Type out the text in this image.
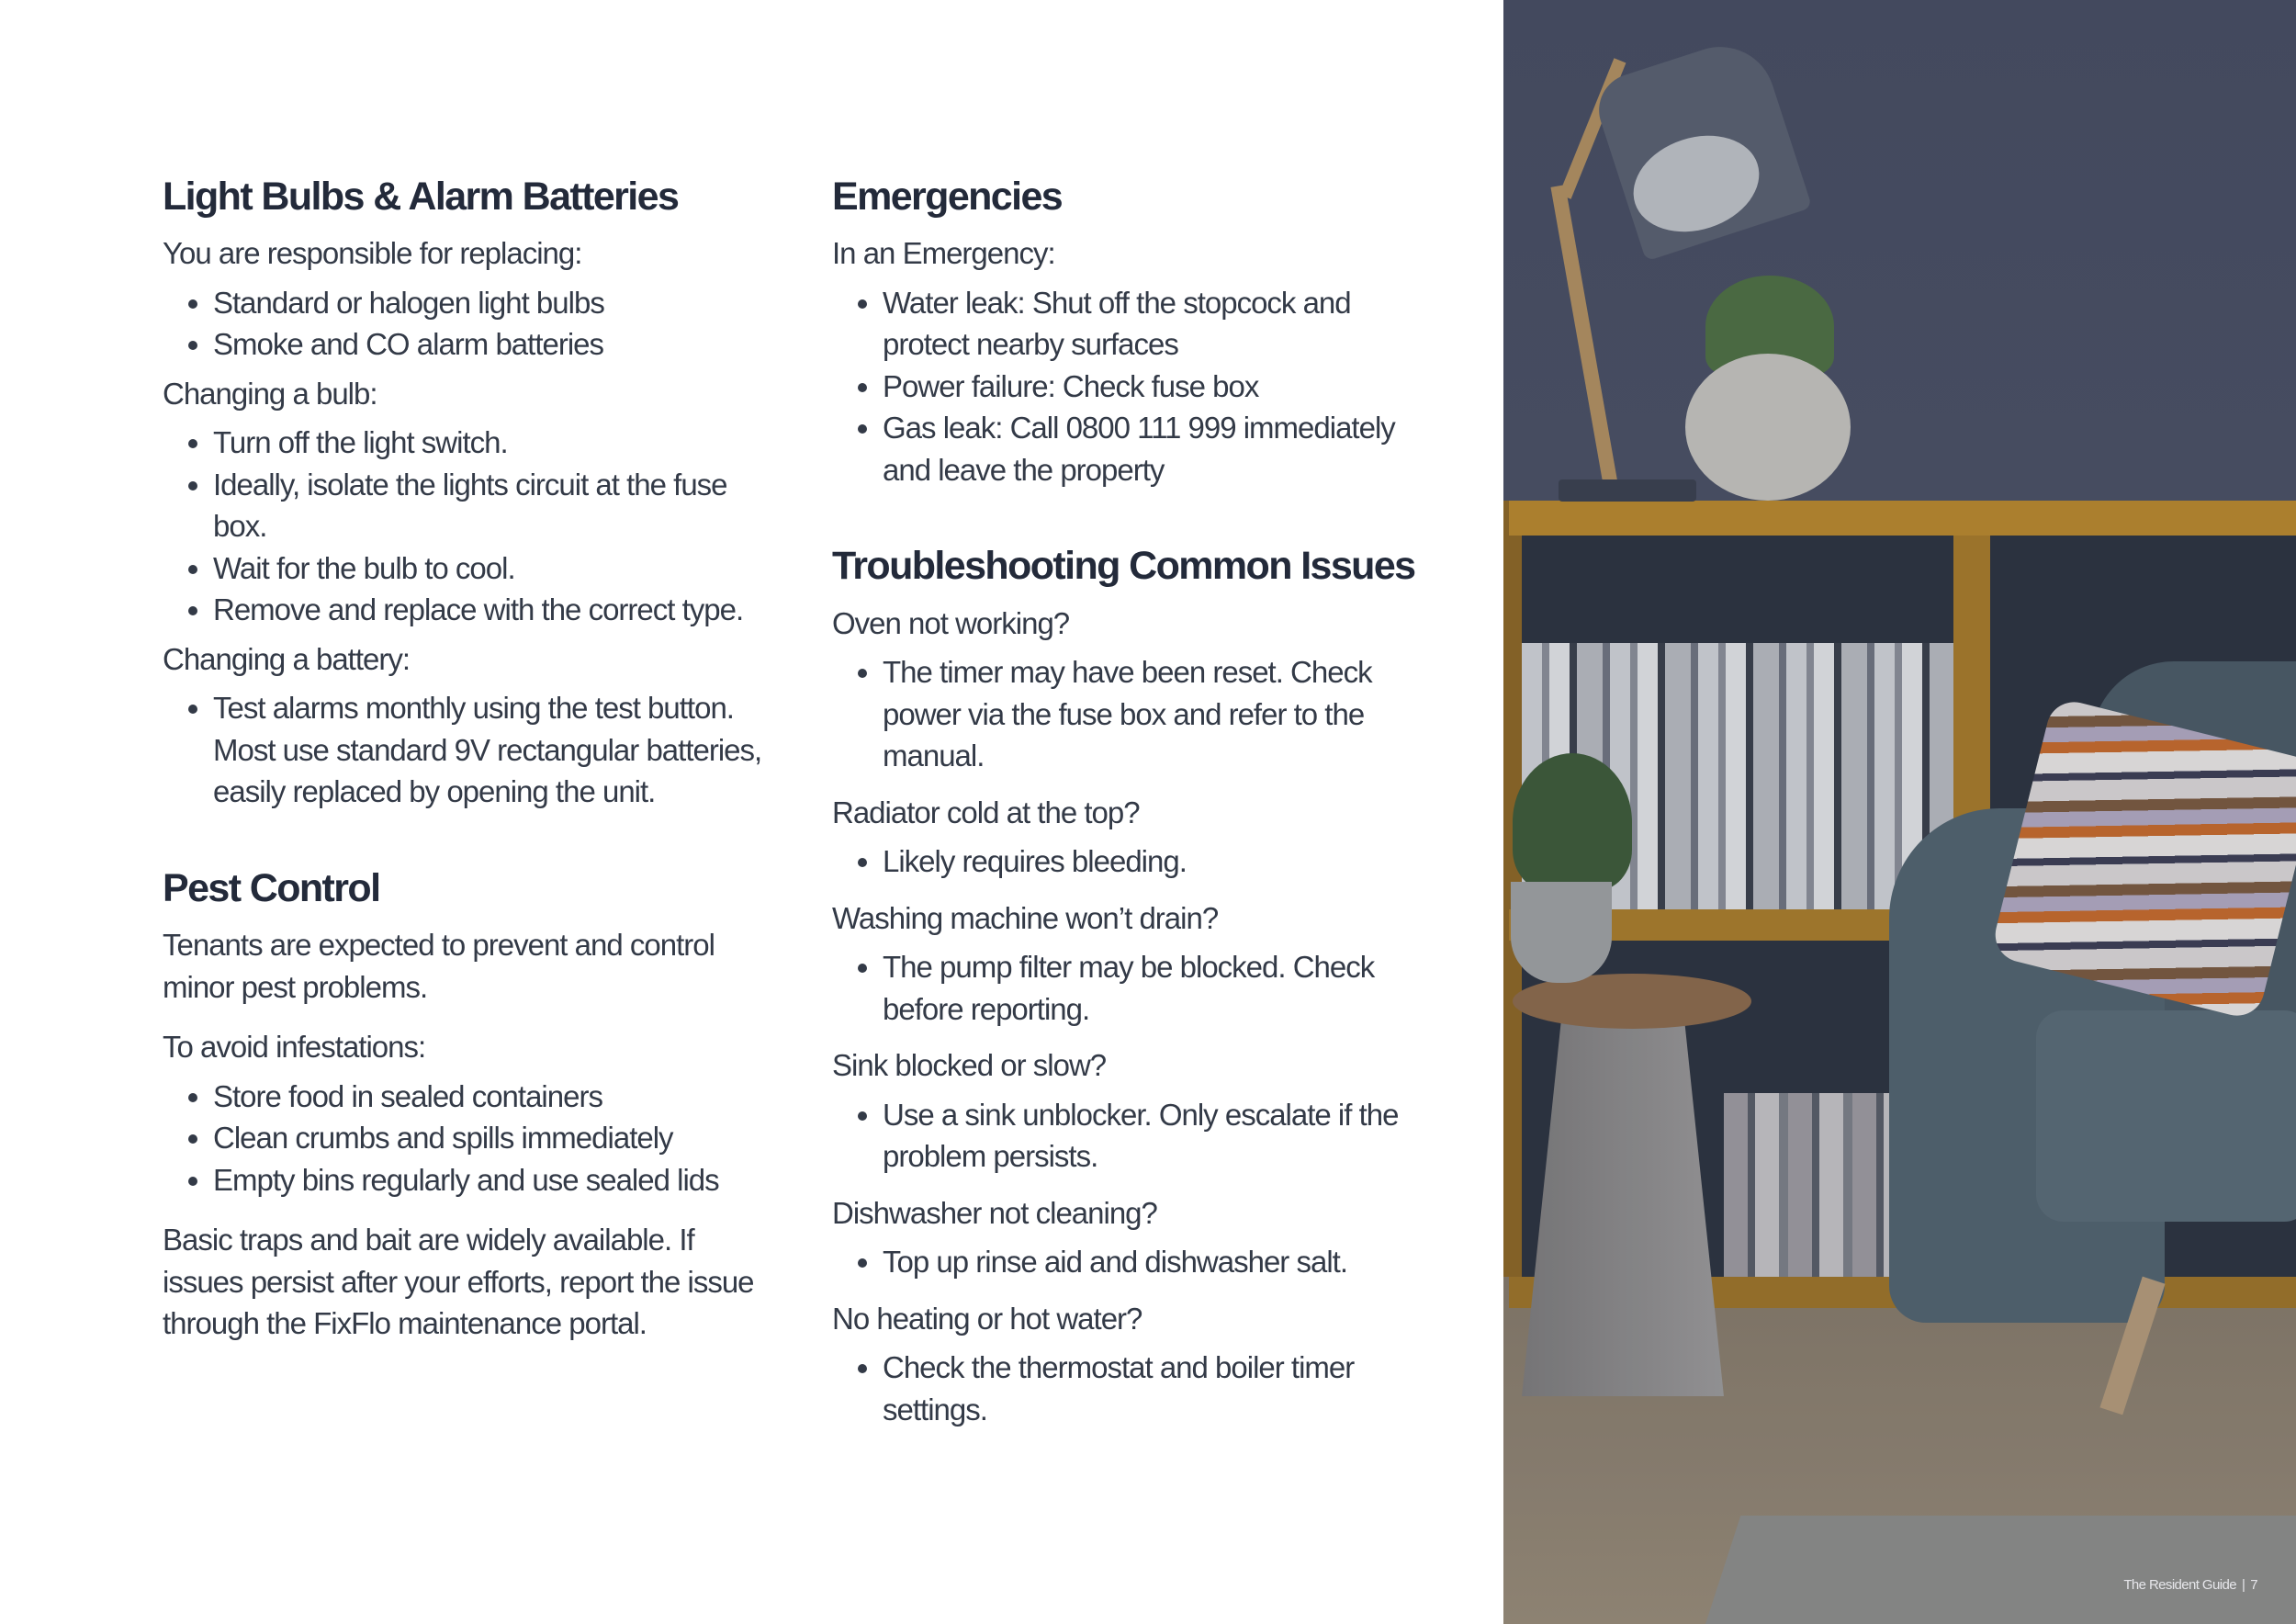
Light Bulbs & Alarm Batteries

You are responsible for replacing:

Standard or halogen light bulbs
Smoke and CO alarm batteries

Changing a bulb:

Turn off the light switch.
Ideally, isolate the lights circuit at the fuse box.
Wait for the bulb to cool.
Remove and replace with the correct type.

Changing a battery:

Test alarms monthly using the test button. Most use standard 9V rectangular batteries, easily replaced by opening the unit.
Pest Control

Tenants are expected to prevent and control minor pest problems.

To avoid infestations:

Store food in sealed containers
Clean crumbs and spills immediately
Empty bins regularly and use sealed lids

Basic traps and bait are widely available. If issues persist after your efforts, report the issue through the FixFlo maintenance portal.

Emergencies

In an Emergency:

Water leak: Shut off the stopcock and protect nearby surfaces
Power failure: Check fuse box
Gas leak: Call 0800 111 999 immediately and leave the property
Troubleshooting Common Issues

Oven not working?

The timer may have been reset. Check power via the fuse box and refer to the manual.

Radiator cold at the top?

Likely requires bleeding.

Washing machine won’t drain?

The pump filter may be blocked. Check before reporting.

Sink blocked or slow?

Use a sink unblocker. Only escalate if the problem persists.

Dishwasher not cleaning?

Top up rinse aid and dishwasher salt.

No heating or hot water?

Check the thermostat and boiler timer settings.
The Resident Guide | 7
